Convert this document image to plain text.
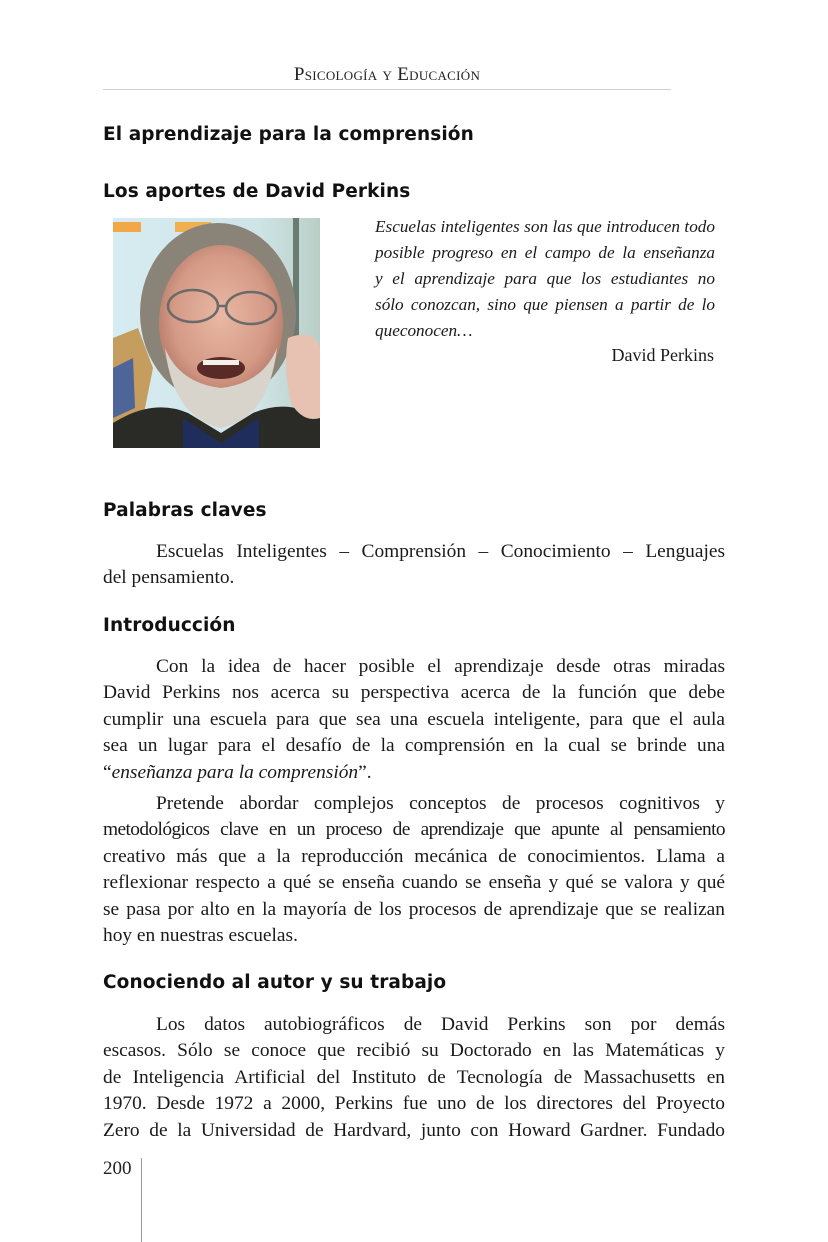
Psicología y Educación
El aprendizaje para la comprensión
Los aportes de David Perkins
Escuelas inteligentes son las que introducen todo
posible progreso en el campo de la enseñanza
y el aprendizaje para que los estudiantes no
sólo conozcan, sino que piensen a partir de lo
queconocen…
David Perkins
Palabras claves

Escuelas Inteligentes – Comprensión – Conocimiento – Lenguajes
del pensamiento.

Introducción

Con la idea de hacer posible el aprendizaje desde otras miradas
David Perkins nos acerca su perspectiva acerca de la función que debe
cumplir una escuela para que sea una escuela inteligente, para que el aula
sea un lugar para el desafío de la comprensión en la cual se brinde una
“enseñanza para la comprensión”.

Pretende abordar complejos conceptos de procesos cognitivos y
metodológicos clave en un proceso de aprendizaje que apunte al pensamiento
creativo más que a la reproducción mecánica de conocimientos. Llama a
reflexionar respecto a qué se enseña cuando se enseña y qué se valora y qué
se pasa por alto en la mayoría de los procesos de aprendizaje que se realizan
hoy en nuestras escuelas.

Conociendo al autor y su trabajo

Los datos autobiográficos de David Perkins son por demás
escasos. Sólo se conoce que recibió su Doctorado en las Matemáticas y
de Inteligencia Artificial del Instituto de Tecnología de Massachusetts en
1970. Desde 1972 a 2000, Perkins fue uno de los directores del Proyecto
Zero de la Universidad de Hardvard, junto con Howard Gardner. Fundado

200
